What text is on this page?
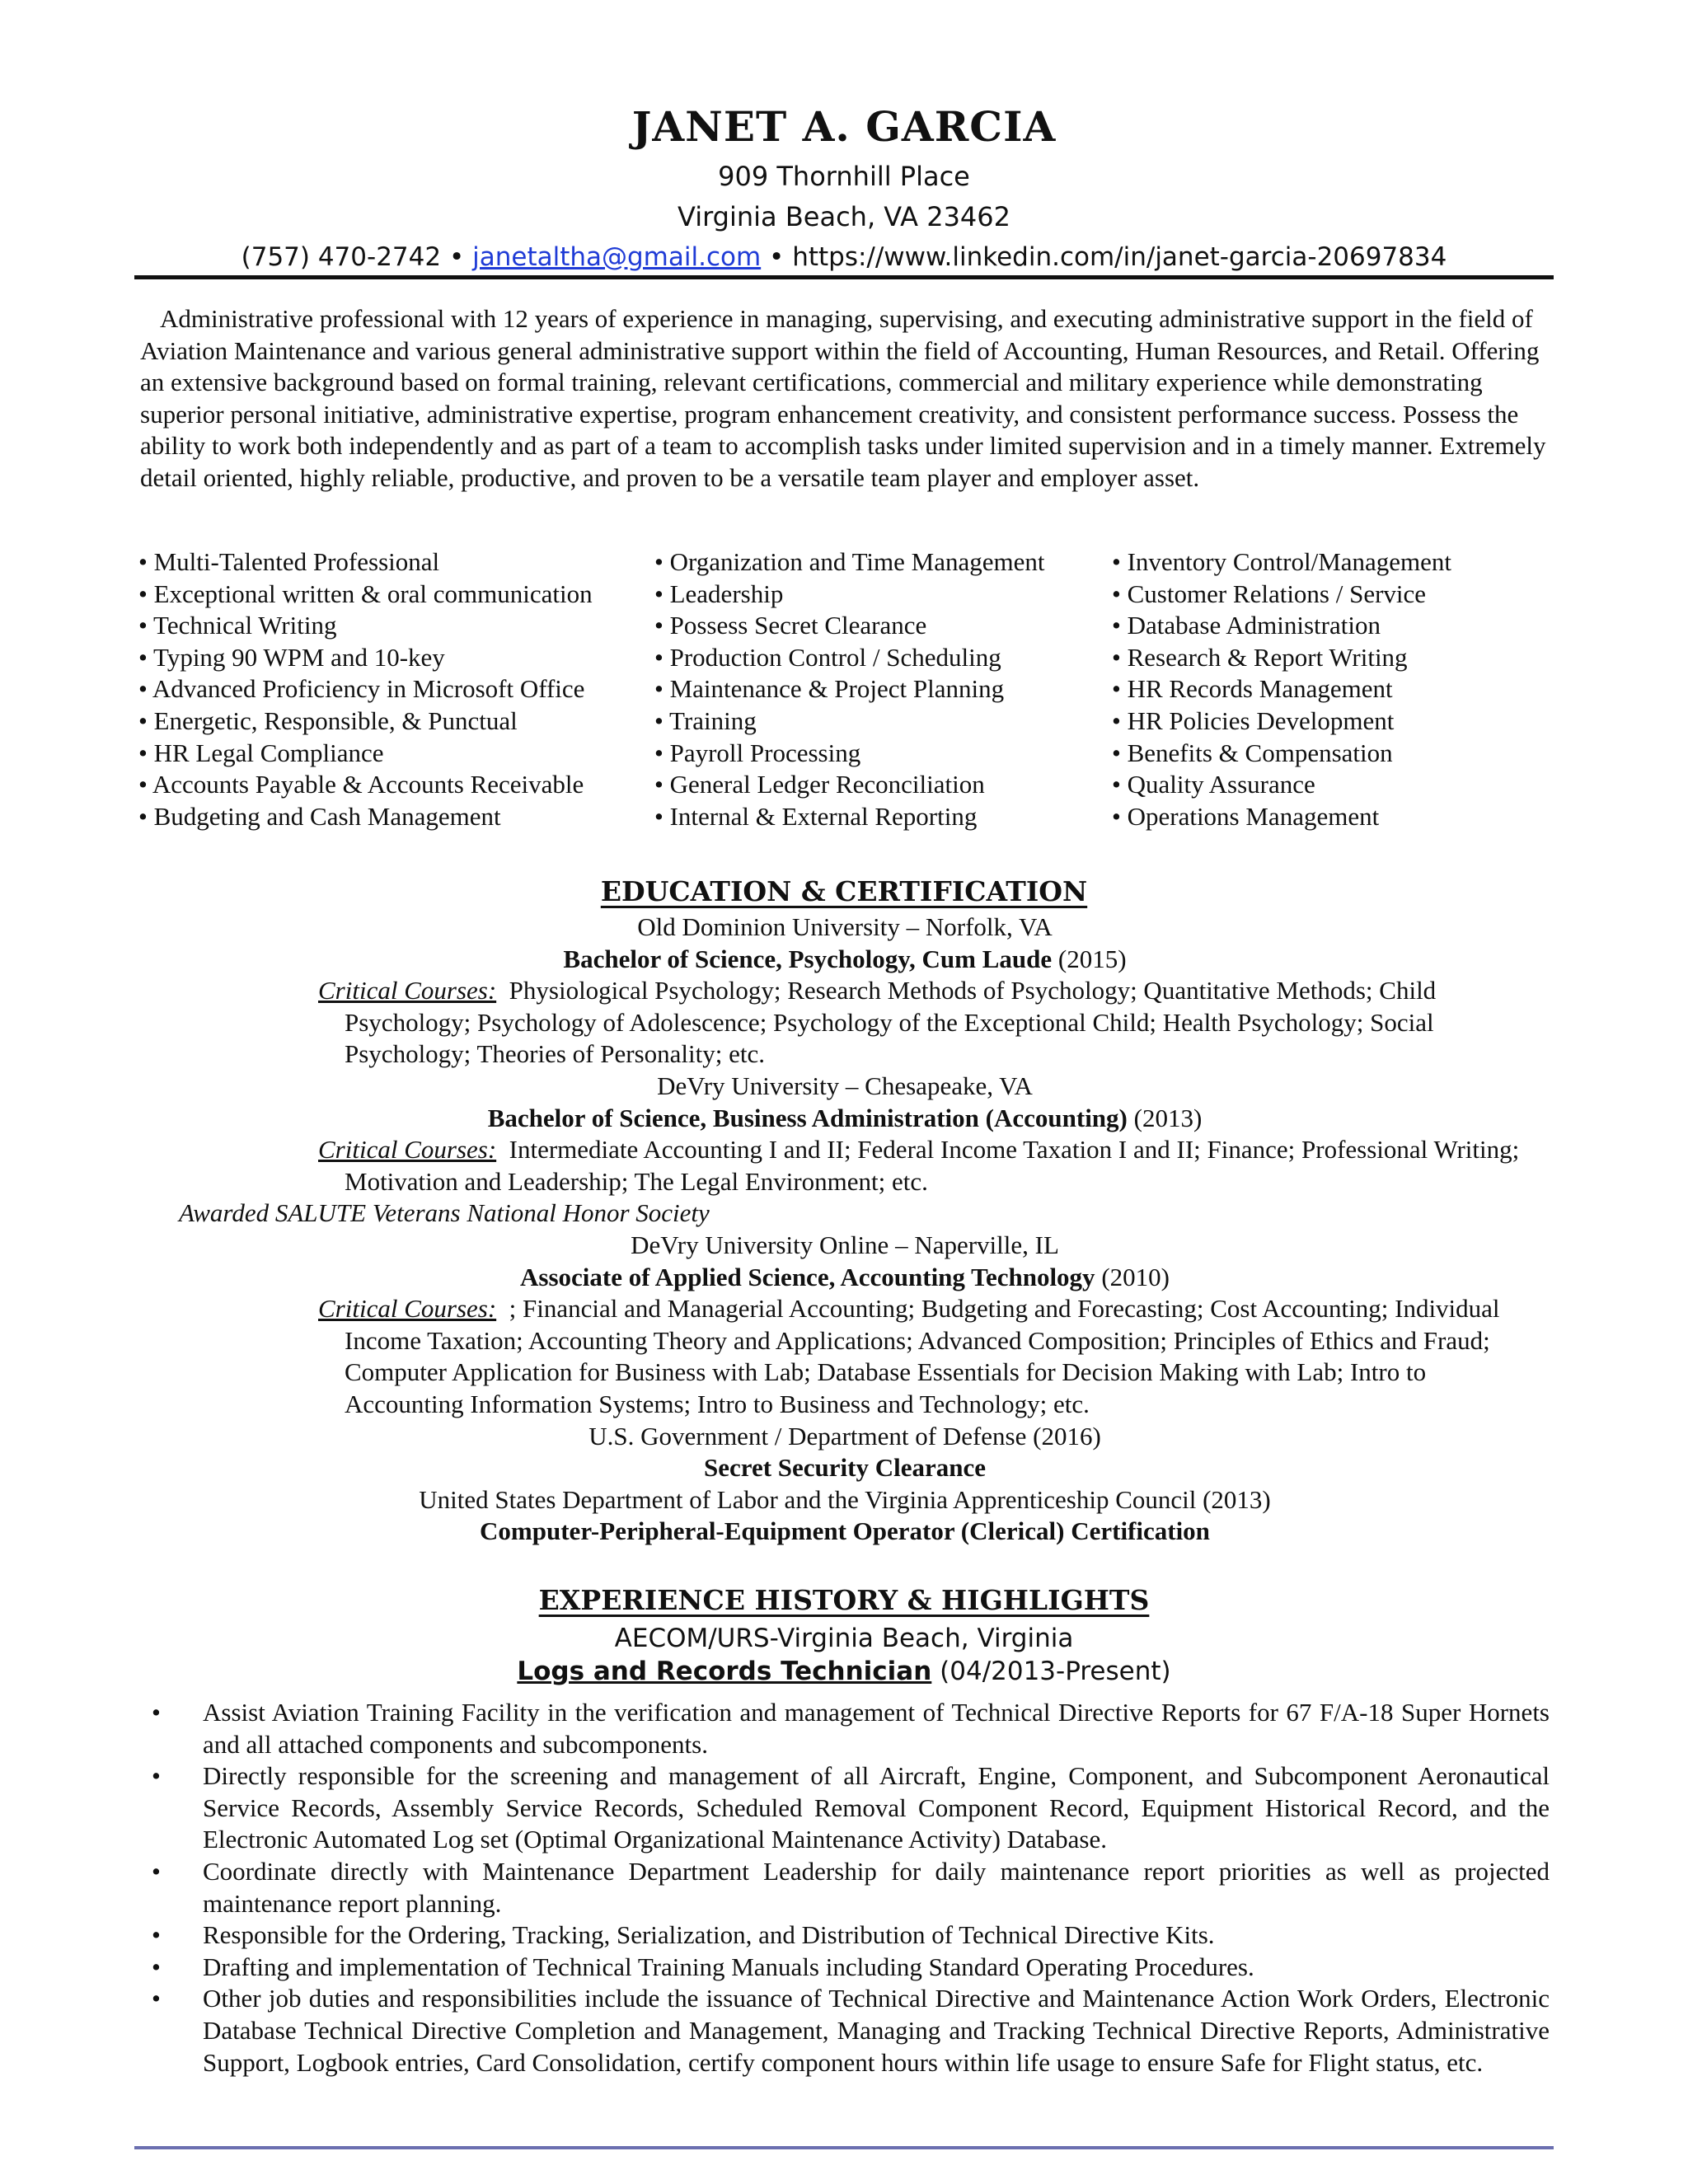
JANET A. GARCIA
909 Thornhill Place
Virginia Beach, VA 23462
(757) 470-2742 • janetaltha@gmail.com • https://www.linkedin.com/in/janet-garcia-20697834
Administrative professional with 12 years of experience in managing, supervising, and executing administrative support in the field of Aviation Maintenance and various general administrative support within the field of Accounting, Human Resources, and Retail. Offering an extensive background based on formal training, relevant certifications, commercial and military experience while demonstrating superior personal initiative, administrative expertise, program enhancement creativity, and consistent performance success. Possess the ability to work both independently and as part of a team to accomplish tasks under limited supervision and in a timely manner. Extremely detail oriented, highly reliable, productive, and proven to be a versatile team player and employer asset.
• Multi-Talented Professional
• Exceptional written & oral communication
• Technical Writing
• Typing 90 WPM and 10-key
• Advanced Proficiency in Microsoft Office
• Energetic, Responsible, & Punctual
• HR Legal Compliance
• Accounts Payable & Accounts Receivable
• Budgeting and Cash Management
• Organization and Time Management
• Leadership
• Possess Secret Clearance
• Production Control / Scheduling
• Maintenance & Project Planning
• Training
• Payroll Processing
• General Ledger Reconciliation
• Internal & External Reporting
• Inventory Control/Management
• Customer Relations / Service
• Database Administration
• Research & Report Writing
• HR Records Management
• HR Policies Development
• Benefits & Compensation
• Quality Assurance
• Operations Management
EDUCATION & CERTIFICATION
Old Dominion University – Norfolk, VA
Bachelor of Science, Psychology, Cum Laude (2015)
Critical Courses: Physiological Psychology; Research Methods of Psychology; Quantitative Methods; Child Psychology; Psychology of Adolescence; Psychology of the Exceptional Child; Health Psychology; Social Psychology; Theories of Personality; etc.
DeVry University – Chesapeake, VA
Bachelor of Science, Business Administration (Accounting) (2013)
Critical Courses: Intermediate Accounting I and II; Federal Income Taxation I and II; Finance; Professional Writing; Motivation and Leadership; The Legal Environment; etc.
Awarded SALUTE Veterans National Honor Society
DeVry University Online – Naperville, IL
Associate of Applied Science, Accounting Technology (2010)
Critical Courses: ; Financial and Managerial Accounting; Budgeting and Forecasting; Cost Accounting; Individual Income Taxation; Accounting Theory and Applications; Advanced Composition; Principles of Ethics and Fraud; Computer Application for Business with Lab; Database Essentials for Decision Making with Lab; Intro to Accounting Information Systems; Intro to Business and Technology; etc.
U.S. Government / Department of Defense (2016)
Secret Security Clearance
United States Department of Labor and the Virginia Apprenticeship Council (2013)
Computer-Peripheral-Equipment Operator (Clerical) Certification
EXPERIENCE HISTORY & HIGHLIGHTS
AECOM/URS-Virginia Beach, Virginia
Logs and Records Technician (04/2013-Present)
• Assist Aviation Training Facility in the verification and management of Technical Directive Reports for 67 F/A-18 Super Hornets and all attached components and subcomponents.
• Directly responsible for the screening and management of all Aircraft, Engine, Component, and Subcomponent Aeronautical Service Records, Assembly Service Records, Scheduled Removal Component Record, Equipment Historical Record, and the Electronic Automated Log set (Optimal Organizational Maintenance Activity) Database.
• Coordinate directly with Maintenance Department Leadership for daily maintenance report priorities as well as projected maintenance report planning.
• Responsible for the Ordering, Tracking, Serialization, and Distribution of Technical Directive Kits.
• Drafting and implementation of Technical Training Manuals including Standard Operating Procedures.
• Other job duties and responsibilities include the issuance of Technical Directive and Maintenance Action Work Orders, Electronic Database Technical Directive Completion and Management, Managing and Tracking Technical Directive Reports, Administrative Support, Logbook entries, Card Consolidation, certify component hours within life usage to ensure Safe for Flight status, etc.
